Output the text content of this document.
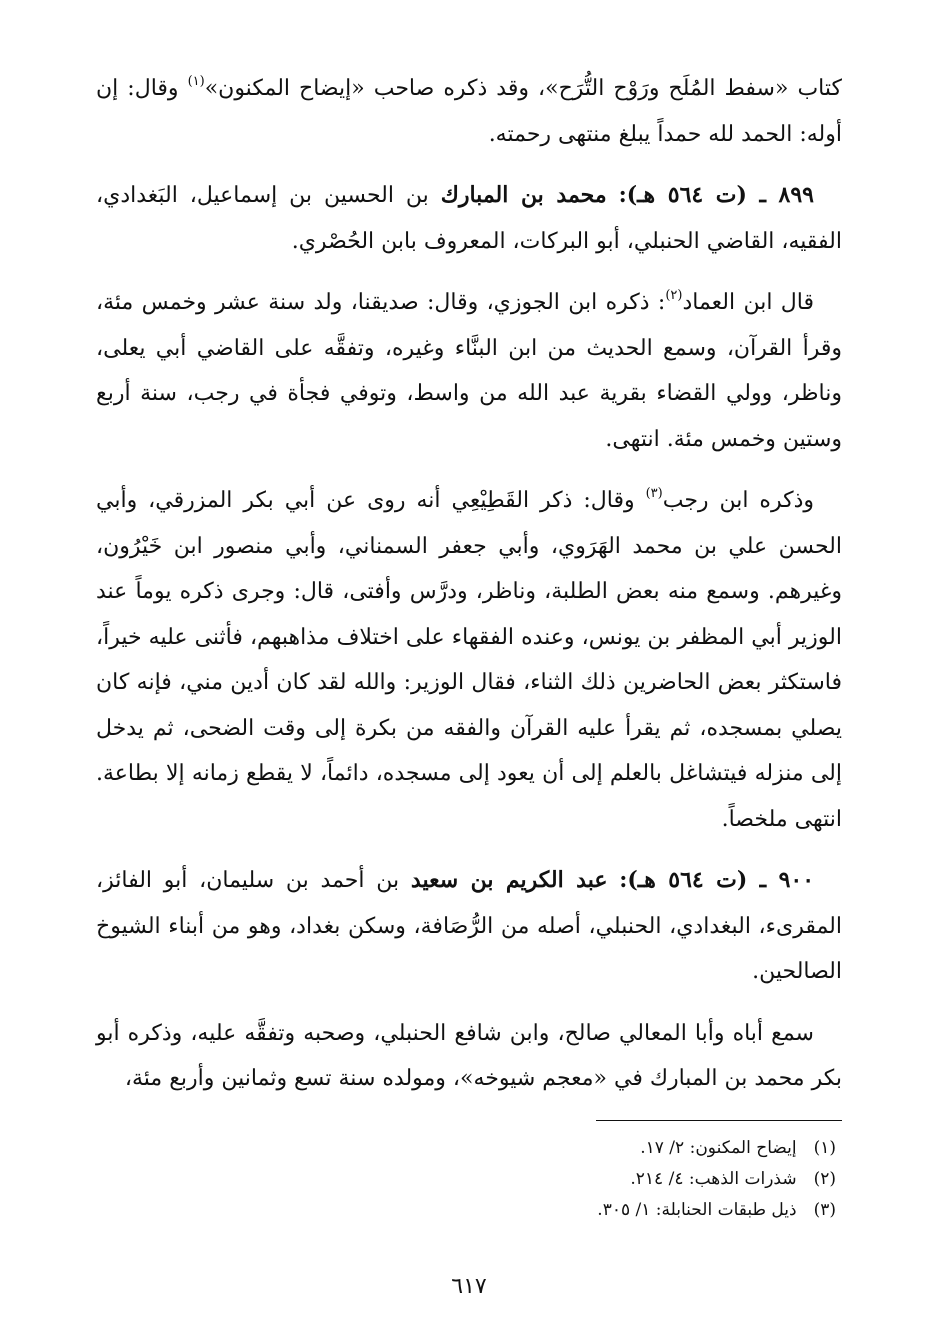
كتاب «سفط المُلَح ورَوْح التُّرَح»، وقد ذكره صاحب «إيضاح المكنون»$^{(١)}$ وقال: إن أوله: الحمد لله حمداً يبلغ منتهى رحمته.

٨٩٩ ـ (ت ٥٦٤ هـ): محمد بن المبارك بن الحسين بن إسماعيل، البَغدادي، الفقيه، القاضي الحنبلي، أبو البركات، المعروف بابن الحُصْري.

قال ابن العماد$^{(٢)}$: ذكره ابن الجوزي، وقال: صديقنا، ولد سنة عشر وخمس مئة، وقرأ القرآن، وسمع الحديث من ابن البنَّاء وغيره، وتفقَّه على القاضي أبي يعلى، وناظر، وولي القضاء بقرية عبد الله من واسط، وتوفي فجأة في رجب، سنة أربع وستين وخمس مئة. انتهى.

وذكره ابن رجب$^{(٣)}$ وقال: ذكر القَطِيْعِي أنه روى عن أبي بكر المزرقي، وأبي الحسن علي بن محمد الهَرَوي، وأبي جعفر السمناني، وأبي منصور ابن خَيْرُون، وغيرهم. وسمع منه بعض الطلبة، وناظر، ودرَّس وأفتى، قال: وجرى ذكره يوماً عند الوزير أبي المظفر بن يونس، وعنده الفقهاء على اختلاف مذاهبهم، فأثنى عليه خيراً، فاستكثر بعض الحاضرين ذلك الثناء، فقال الوزير: والله لقد كان أدين مني، فإنه كان يصلي بمسجده، ثم يقرأ عليه القرآن والفقه من بكرة إلى وقت الضحى، ثم يدخل إلى منزله فيتشاغل بالعلم إلى أن يعود إلى مسجده، دائماً، لا يقطع زمانه إلا بطاعة. انتهى ملخصاً.

٩٠٠ ـ (ت ٥٦٤ هـ): عبد الكريم بن سعيد بن أحمد بن سليمان، أبو الفائز، المقرىء، البغدادي، الحنبلي، أصله من الرُّصَافة، وسكن بغداد، وهو من أبناء الشيوخ الصالحين.

سمع أباه وأبا المعالي صالح، وابن شافع الحنبلي، وصحبه وتفقَّه عليه، وذكره أبو بكر محمد بن المبارك في «معجم شيوخه»، ومولده سنة تسع وثمانين وأربع مئة،

(١) إيضاح المكنون: ٢/ ١٧.

(٢) شذرات الذهب: ٤/ ٢١٤.

(٣) ذيل طبقات الحنابلة: ١/ ٣٠٥.

٦١٧
